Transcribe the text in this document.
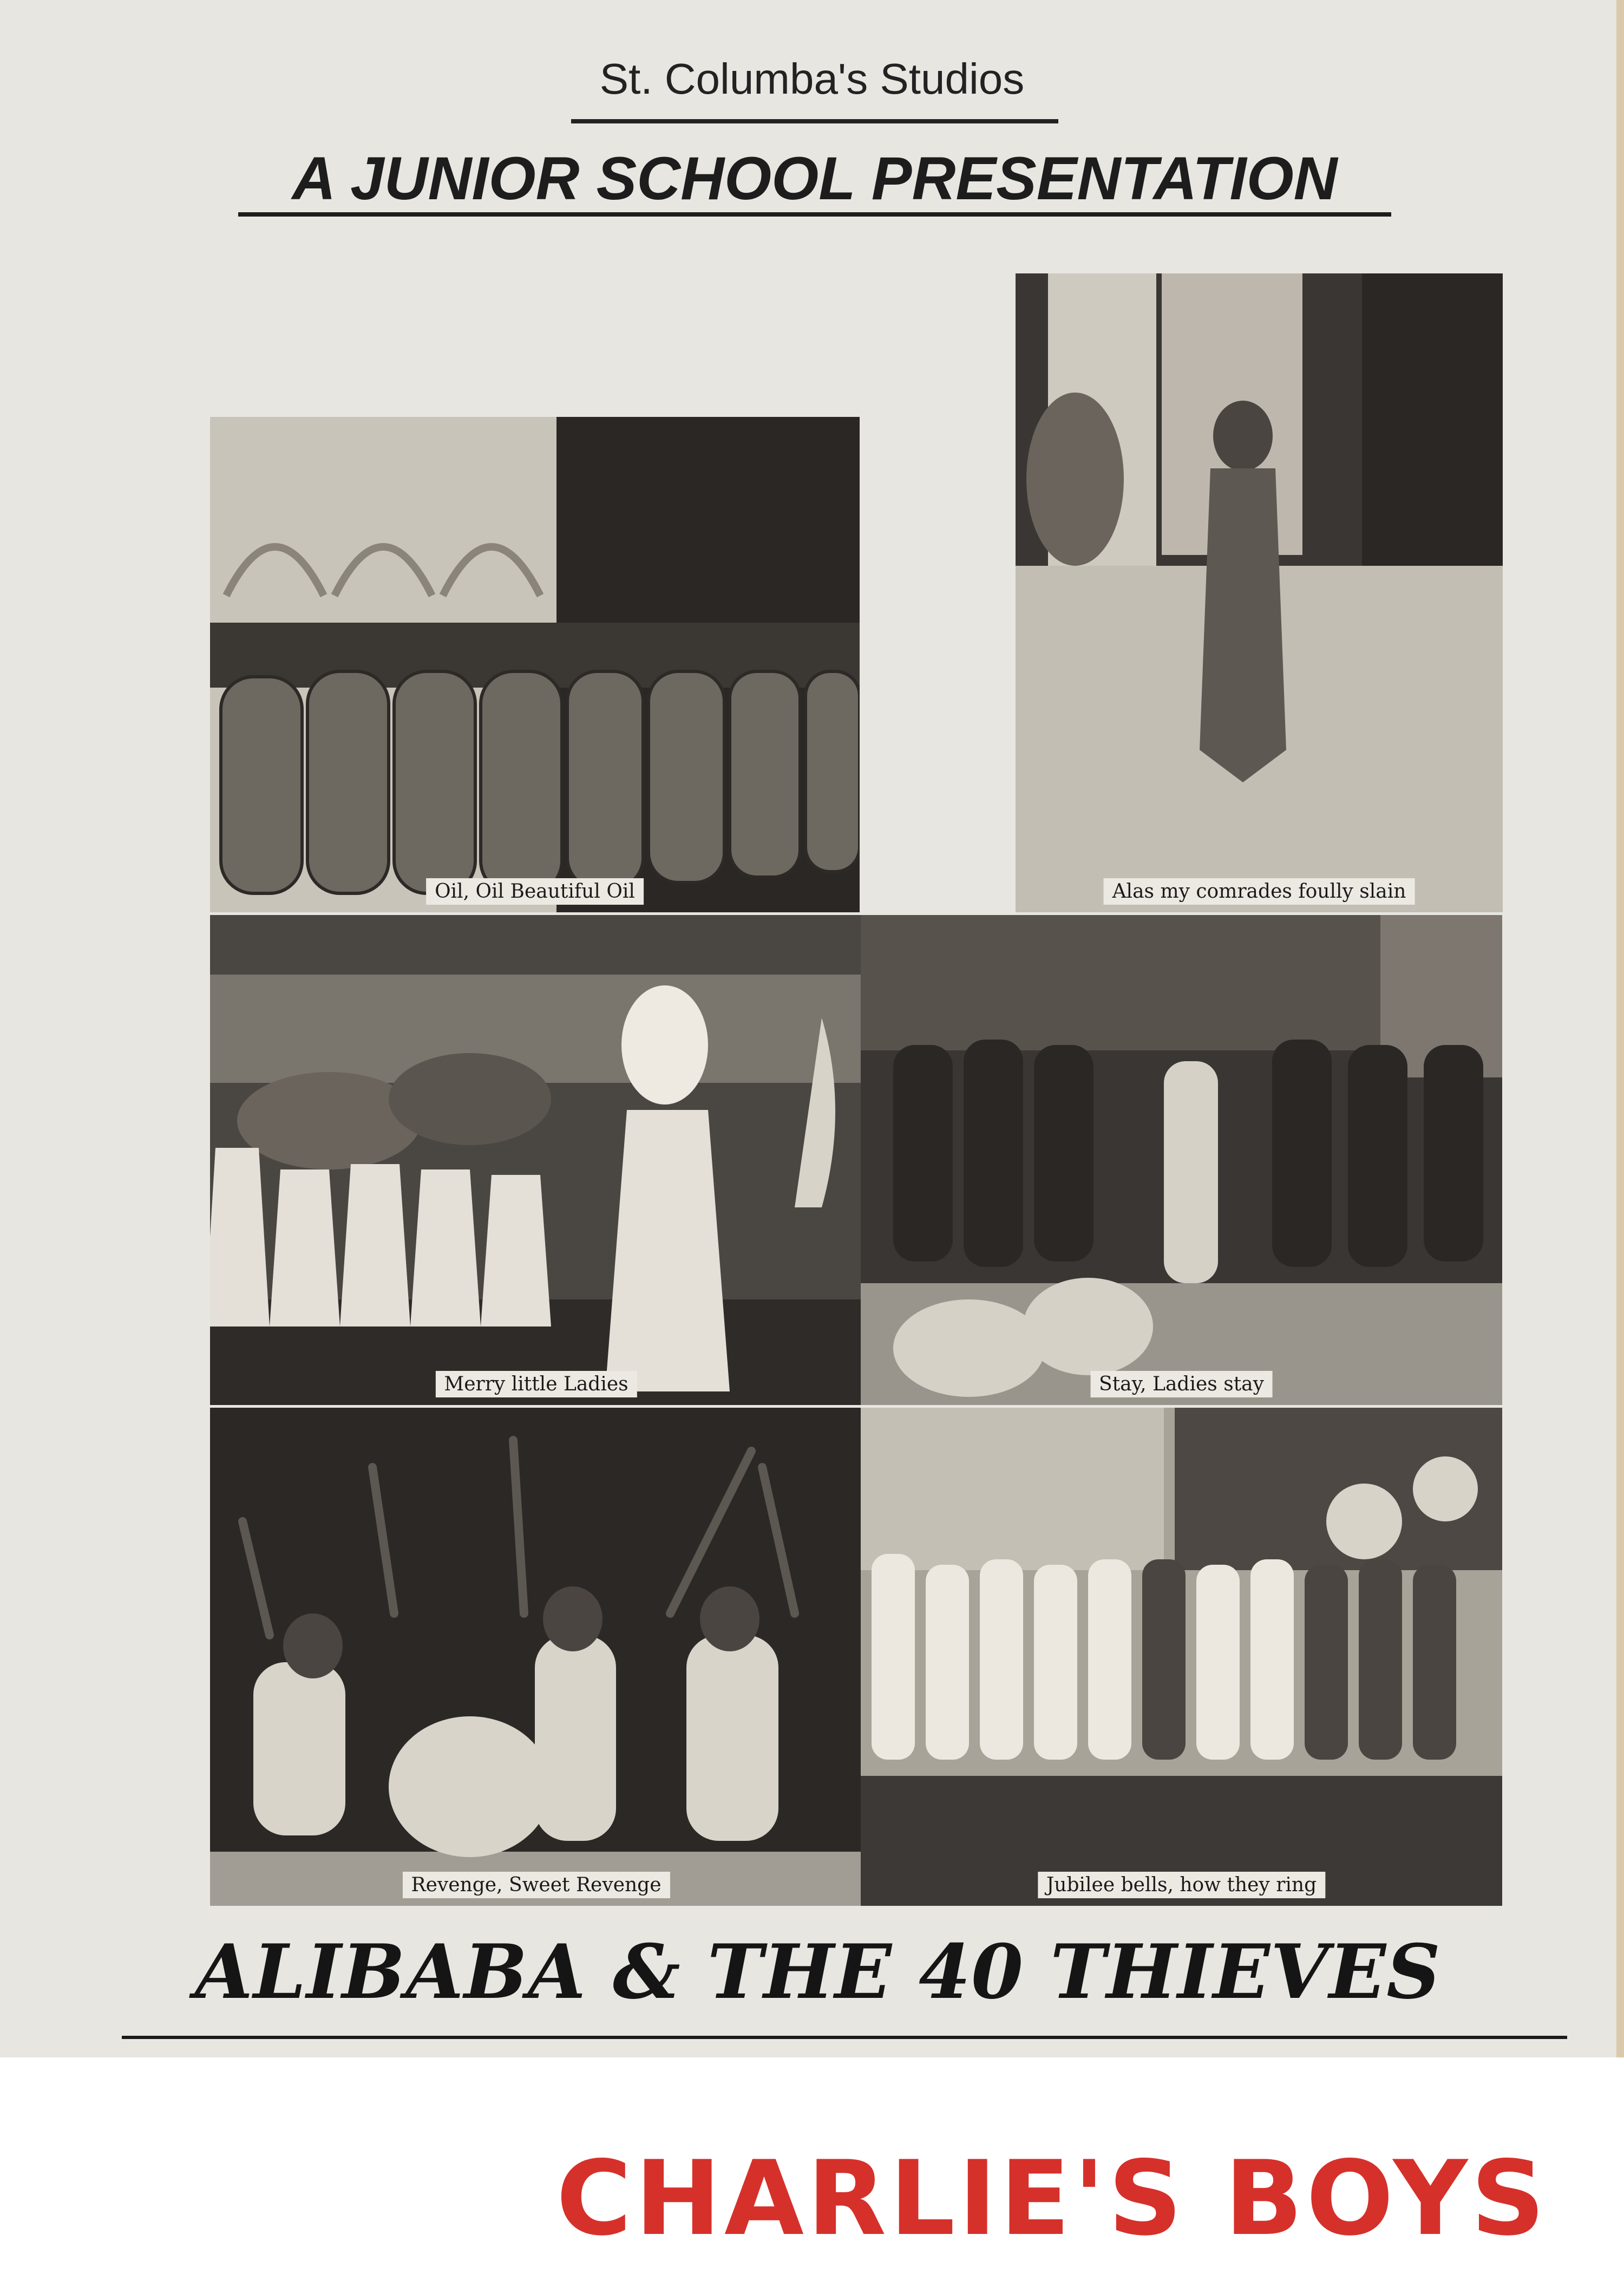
St. Columba's Studios
A JUNIOR SCHOOL PRESENTATION
Oil, Oil Beautiful Oil	Alas my comrades foully slain
Merry little Ladies	Stay, Ladies stay
Revenge, Sweet Revenge	Jubilee bells, how they ring
ALIBABA & THE 40 THIEVES
CHARLIE'S BOYS
